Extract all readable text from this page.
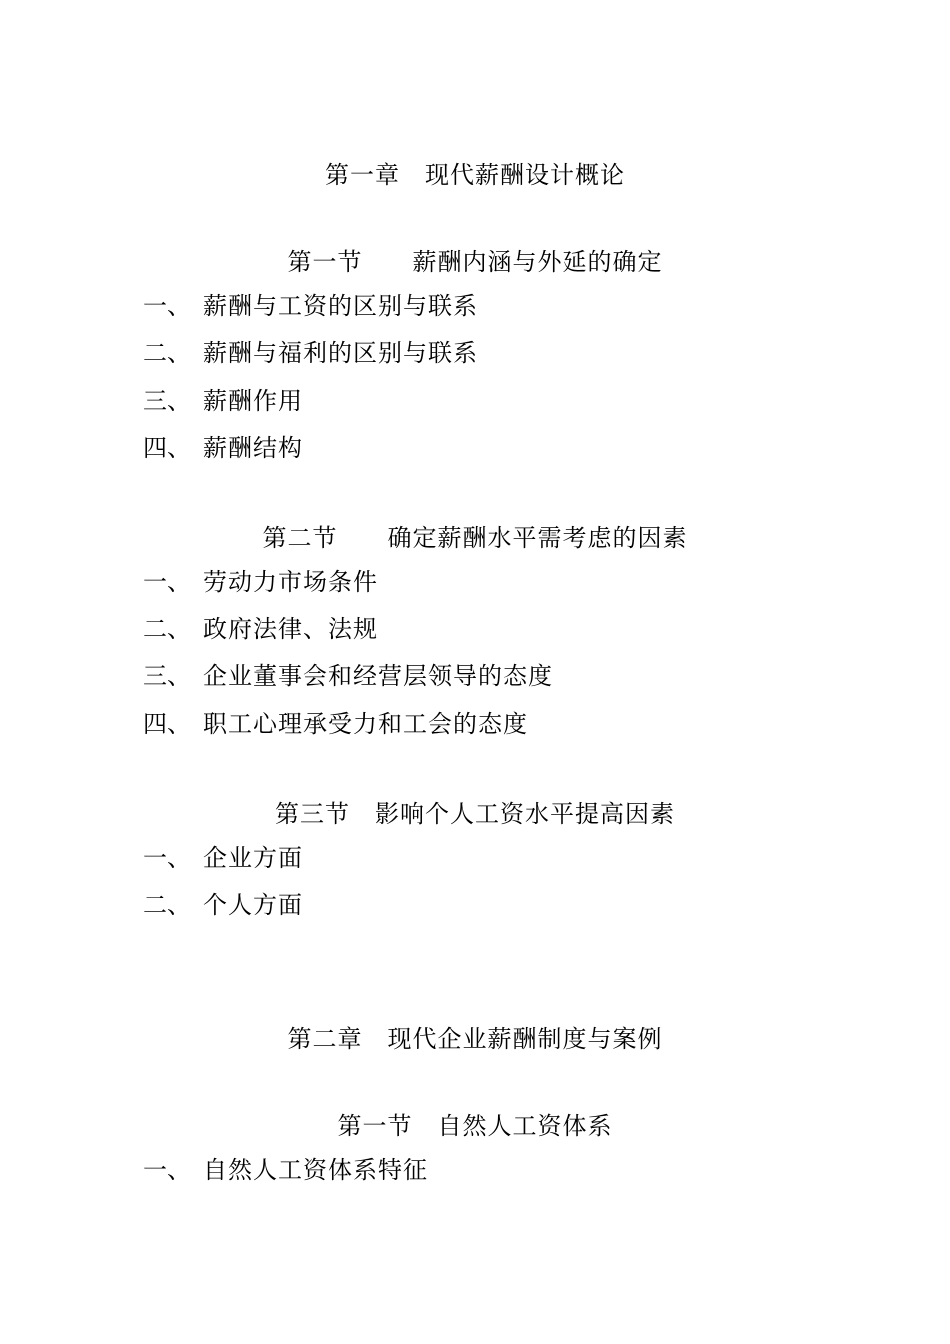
第一章　现代薪酬设计概论
第一节　　薪酬内涵与外延的确定
一、 薪酬与工资的区别与联系
二、 薪酬与福利的区别与联系
三、 薪酬作用
四、 薪酬结构
第二节　　确定薪酬水平需考虑的因素
一、 劳动力市场条件
二、 政府法律、法规
三、 企业董事会和经营层领导的态度
四、 职工心理承受力和工会的态度
第三节　影响个人工资水平提高因素
一、 企业方面
二、 个人方面
第二章　现代企业薪酬制度与案例
第一节　自然人工资体系
一、 自然人工资体系特征
